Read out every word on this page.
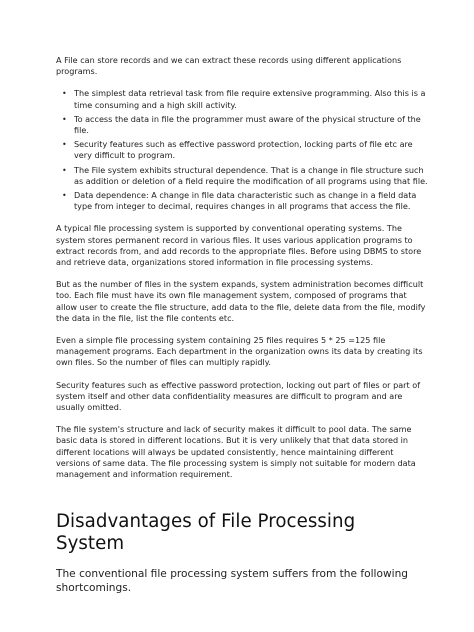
A File can store records and we can extract these records using different applications programs.

• The simplest data retrieval task from file require extensive programming. Also this is a time consuming and a high skill activity.
• To access the data in file the programmer must aware of the physical structure of the file.
• Security features such as effective password protection, locking parts of file etc are very difficult to program.
• The File system exhibits structural dependence. That is a change in file structure such as addition or deletion of a field require the modification of all programs using that file.
• Data dependence: A change in file data characteristic such as change in a field data type from integer to decimal, requires changes in all programs that access the file.

A typical file processing system is supported by conventional operating systems. The system stores permanent record in various files. It uses various application programs to extract records from, and add records to the appropriate files. Before using DBMS to store and retrieve data, organizations stored information in file processing systems.

But as the number of files in the system expands, system administration becomes difficult too. Each file must have its own file management system, composed of programs that allow user to create the file structure, add data to the file, delete data from the file, modify the data in the file, list the file contents etc.

Even a simple file processing system containing 25 files requires 5 * 25 =125 file management programs. Each department in the organization owns its data by creating its own files. So the number of files can multiply rapidly.

Security features such as effective password protection, locking out part of files or part of system itself and other data confidentiality measures are difficult to program and are usually omitted.

The file system's structure and lack of security makes it difficult to pool data. The same basic data is stored in different locations. But it is very unlikely that that data stored in different locations will always be updated consistently, hence maintaining different versions of same data. The file processing system is simply not suitable for modern data management and information requirement.

Disadvantages of File Processing System

The conventional file processing system suffers from the following shortcomings.
